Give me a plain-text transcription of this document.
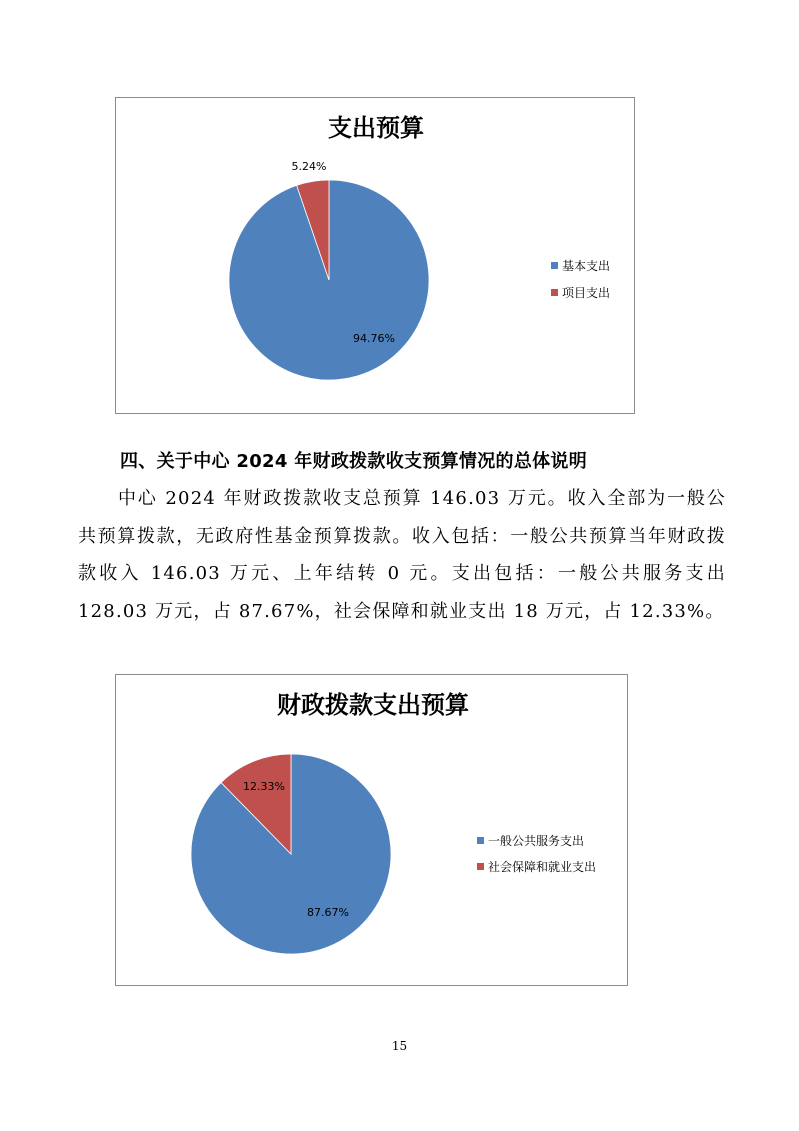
支出预算
94.76%
5.24%
基本支出
项目支出
四、关于中心 2024 年财政拨款收支预算情况的总体说明

中心 2024 年财政拨款收支总预算 146.03 万元。收入全部为一般公共预算拨款，无政府性基金预算拨款。收入包括：一般公共预算当年财政拨款收入 146.03 万元、上年结转 0 元。支出包括：一般公共服务支出 128.03 万元，占 87.67%，社会保障和就业支出 18 万元，占 12.33%。

财政拨款支出预算
87.67%
12.33%
一般公共服务支出
社会保障和就业支出
15
